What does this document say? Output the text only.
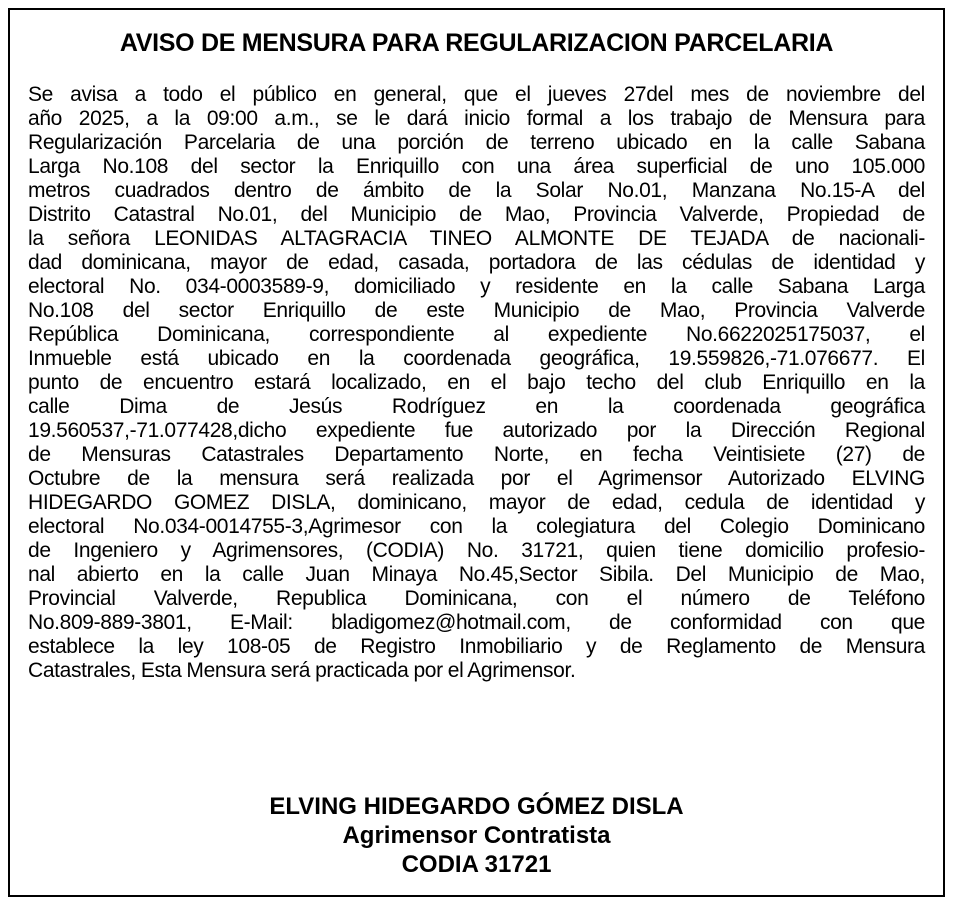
AVISO DE MENSURA PARA REGULARIZACION PARCELARIA
Se avisa a todo el público en general, que el jueves 27del mes de noviembre del
año 2025, a la 09:00 a.m., se le dará inicio formal a los trabajo de Mensura para
Regularización Parcelaria de una porción de terreno ubicado en la calle Sabana
Larga No.108 del sector la Enriquillo con una área superficial de uno 105.000
metros cuadrados dentro de ámbito de la Solar No.01, Manzana No.15-A del
Distrito Catastral No.01, del Municipio de Mao, Provincia Valverde, Propiedad de
la señora LEONIDAS ALTAGRACIA TINEO ALMONTE DE TEJADA de nacionali-
dad dominicana, mayor de edad, casada, portadora de las cédulas de identidad y
electoral No. 034-0003589-9, domiciliado y residente en la calle Sabana Larga
No.108 del sector Enriquillo de este Municipio de Mao, Provincia Valverde
República Dominicana, correspondiente al expediente No.6622025175037, el
Inmueble está ubicado en la coordenada geográfica, 19.559826,-71.076677. El
punto de encuentro estará localizado, en el bajo techo del club Enriquillo en la
calle Dima de Jesús Rodríguez en la coordenada geográfica
19.560537,-71.077428,dicho expediente fue autorizado por la Dirección Regional
de Mensuras Catastrales Departamento Norte, en fecha Veintisiete (27) de
Octubre de la mensura será realizada por el Agrimensor Autorizado ELVING
HIDEGARDO GOMEZ DISLA, dominicano, mayor de edad, cedula de identidad y
electoral No.034-0014755-3,Agrimesor con la colegiatura del Colegio Dominicano
de Ingeniero y Agrimensores, (CODIA) No. 31721, quien tiene domicilio profesio-
nal abierto en la calle Juan Minaya No.45,Sector Sibila. Del Municipio de Mao,
Provincial Valverde, Republica Dominicana, con el número de Teléfono
No.809-889-3801, E-Mail: bladigomez@hotmail.com, de conformidad con que
establece la ley 108-05 de Registro Inmobiliario y de Reglamento de Mensura
Catastrales, Esta Mensura será practicada por el Agrimensor.
ELVING HIDEGARDO GÓMEZ DISLA
Agrimensor Contratista
CODIA 31721
